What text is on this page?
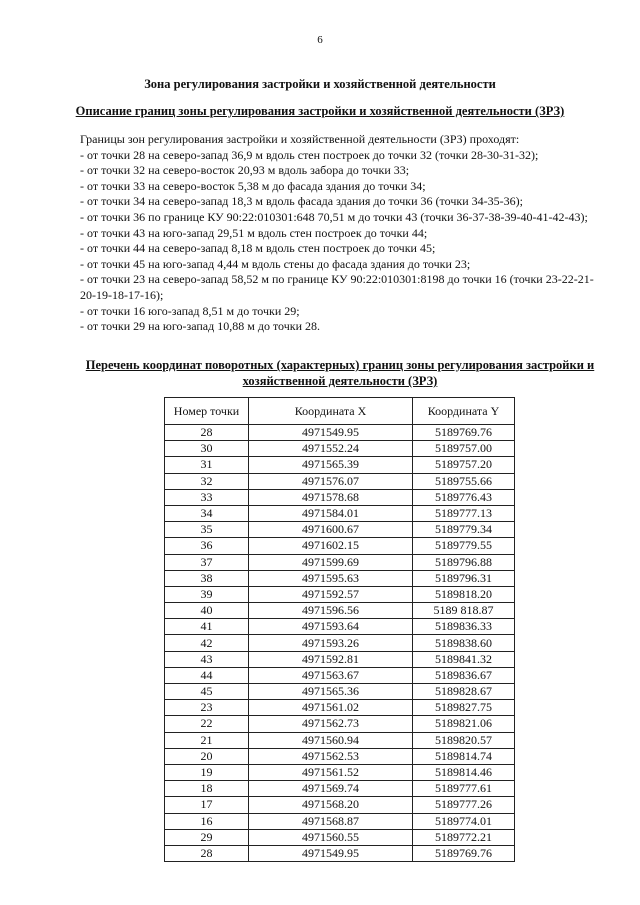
6
Зона регулирования застройки и хозяйственной деятельности
Описание границ зоны регулирования застройки и хозяйственной деятельности (ЗРЗ)
Границы зон регулирования застройки и хозяйственной деятельности (ЗРЗ) проходят:
- от точки 28 на северо-запад 36,9 м вдоль стен построек до точки 32 (точки 28-30-31-32);
- от точки 32 на северо-восток 20,93 м вдоль забора до точки 33;
- от точки 33 на северо-восток 5,38 м до фасада здания до точки 34;
- от точки 34 на северо-запад 18,3 м вдоль фасада здания до точки 36 (точки 34-35-36);
- от точки 36 по границе КУ 90:22:010301:648 70,51 м до точки 43 (точки 36-37-38-39-40-41-42-43);
- от точки 43 на юго-запад 29,51 м вдоль стен построек до точки 44;
- от точки 44 на северо-запад 8,18 м вдоль стен построек до точки 45;
- от точки 45 на юго-запад 4,44 м вдоль стены до фасада здания до точки 23;
- от точки 23 на северо-запад 58,52 м по границе КУ 90:22:010301:8198 до точки 16 (точки 23-22-21-20-19-18-17-16);
- от точки 16 юго-запад 8,51 м до точки 29;
- от точки 29 на юго-запад 10,88 м до точки 28.
Перечень координат поворотных (характерных) границ зоны регулирования застройки и хозяйственной деятельности (ЗРЗ)
Номер точки	Координата X	Координата Y
28	4971549.95	5189769.76
30	4971552.24	5189757.00
31	4971565.39	5189757.20
32	4971576.07	5189755.66
33	4971578.68	5189776.43
34	4971584.01	5189777.13
35	4971600.67	5189779.34
36	4971602.15	5189779.55
37	4971599.69	5189796.88
38	4971595.63	5189796.31
39	4971592.57	5189818.20
40	4971596.56	5189 818.87
41	4971593.64	5189836.33
42	4971593.26	5189838.60
43	4971592.81	5189841.32
44	4971563.67	5189836.67
45	4971565.36	5189828.67
23	4971561.02	5189827.75
22	4971562.73	5189821.06
21	4971560.94	5189820.57
20	4971562.53	5189814.74
19	4971561.52	5189814.46
18	4971569.74	5189777.61
17	4971568.20	5189777.26
16	4971568.87	5189774.01
29	4971560.55	5189772.21
28	4971549.95	5189769.76
